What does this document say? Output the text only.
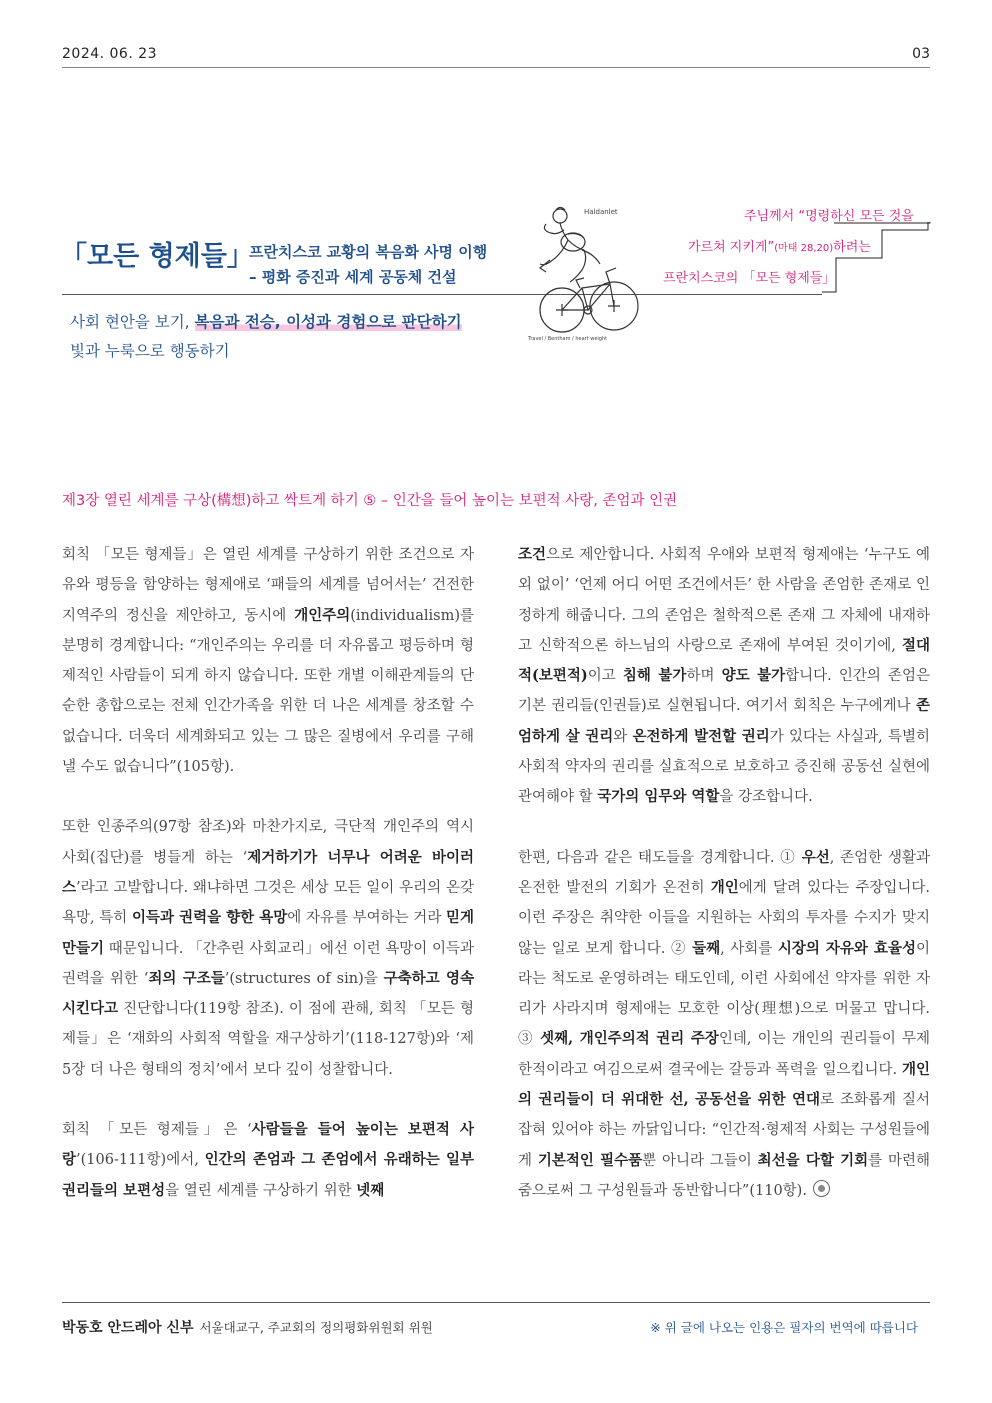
2024. 06. 23	03
「모든 형제들」
프란치스코 교황의 복음화 사명 이행
– 평화 증진과 세계 공동체 건설
사회 현안을 보기, 복음과 전승, 이성과 경험으로 판단하기
빛과 누룩으로 행동하기
Haldanlet
Travel / Bentham / heart weight
주님께서 “명령하신 모든 것을
가르쳐 지키게”(마태 28,20)하려는
프란치스코의 「모든 형제들」
제3장 열린 세계를 구상(構想)하고 싹트게 하기 ⑤ – 인간을 들어 높이는 보편적 사랑, 존엄과 인권

회칙 「모든 형제들」은 열린 세계를 구상하기 위한 조건으로 자유와 평등을 함양하는 형제애로 ‘패들의 세계를 넘어서는’ 건전한 지역주의 정신을 제안하고, 동시에 개인주의(individualism)를 분명히 경계합니다: “개인주의는 우리를 더 자유롭고 평등하며 형제적인 사람들이 되게 하지 않습니다. 또한 개별 이해관계들의 단순한 총합으로는 전체 인간가족을 위한 더 나은 세계를 창조할 수 없습니다. 더욱더 세계화되고 있는 그 많은 질병에서 우리를 구해낼 수도 없습니다”(105항).

또한 인종주의(97항 참조)와 마찬가지로, 극단적 개인주의 역시 사회(집단)를 병들게 하는 ‘제거하기가 너무나 어려운 바이러스’라고 고발합니다. 왜냐하면 그것은 세상 모든 일이 우리의 온갖 욕망, 특히 이득과 권력을 향한 욕망에 자유를 부여하는 거라 믿게 만들기 때문입니다. 「간추린 사회교리」에선 이런 욕망이 이득과 권력을 위한 ‘죄의 구조들’(structures of sin)을 구축하고 영속시킨다고 진단합니다(119항 참조). 이 점에 관해, 회칙 「모든 형제들」은 ‘재화의 사회적 역할을 재구상하기’(118-127항)와 ‘제5장 더 나은 형태의 정치’에서 보다 깊이 성찰합니다.

회칙 「모든 형제들」은 ‘사람들을 들어 높이는 보편적 사랑’(106-111항)에서, 인간의 존엄과 그 존엄에서 유래하는 일부 권리들의 보편성을 열린 세계를 구상하기 위한 넷째

조건으로 제안합니다. 사회적 우애와 보편적 형제애는 ‘누구도 예외 없이’ ‘언제 어디 어떤 조건에서든’ 한 사람을 존엄한 존재로 인정하게 해줍니다. 그의 존엄은 철학적으론 존재 그 자체에 내재하고 신학적으론 하느님의 사랑으로 존재에 부여된 것이기에, 절대적(보편적)이고 침해 불가하며 양도 불가합니다. 인간의 존엄은 기본 권리들(인권들)로 실현됩니다. 여기서 회칙은 누구에게나 존엄하게 살 권리와 온전하게 발전할 권리가 있다는 사실과, 특별히 사회적 약자의 권리를 실효적으로 보호하고 증진해 공동선 실현에 관여해야 할 국가의 임무와 역할을 강조합니다.

한편, 다음과 같은 태도들을 경계합니다. ① 우선, 존엄한 생활과 온전한 발전의 기회가 온전히 개인에게 달려 있다는 주장입니다. 이런 주장은 취약한 이들을 지원하는 사회의 투자를 수지가 맞지 않는 일로 보게 합니다. ② 둘째, 사회를 시장의 자유와 효율성이라는 척도로 운영하려는 태도인데, 이런 사회에선 약자를 위한 자리가 사라지며 형제애는 모호한 이상(理想)으로 머물고 맙니다. ③ 셋째, 개인주의적 권리 주장인데, 이는 개인의 권리들이 무제한적이라고 여김으로써 결국에는 갈등과 폭력을 일으킵니다. 개인의 권리들이 더 위대한 선, 공동선을 위한 연대로 조화롭게 질서 잡혀 있어야 하는 까닭입니다: “인간적·형제적 사회는 구성원들에게 기본적인 필수품뿐 아니라 그들이 최선을 다할 기회를 마련해줌으로써 그 구성원들과 동반합니다”(110항).

박동호 안드레아 신부 서울대교구, 주교회의 정의평화위원회 위원	※ 위 글에 나오는 인용은 필자의 번역에 따릅니다
